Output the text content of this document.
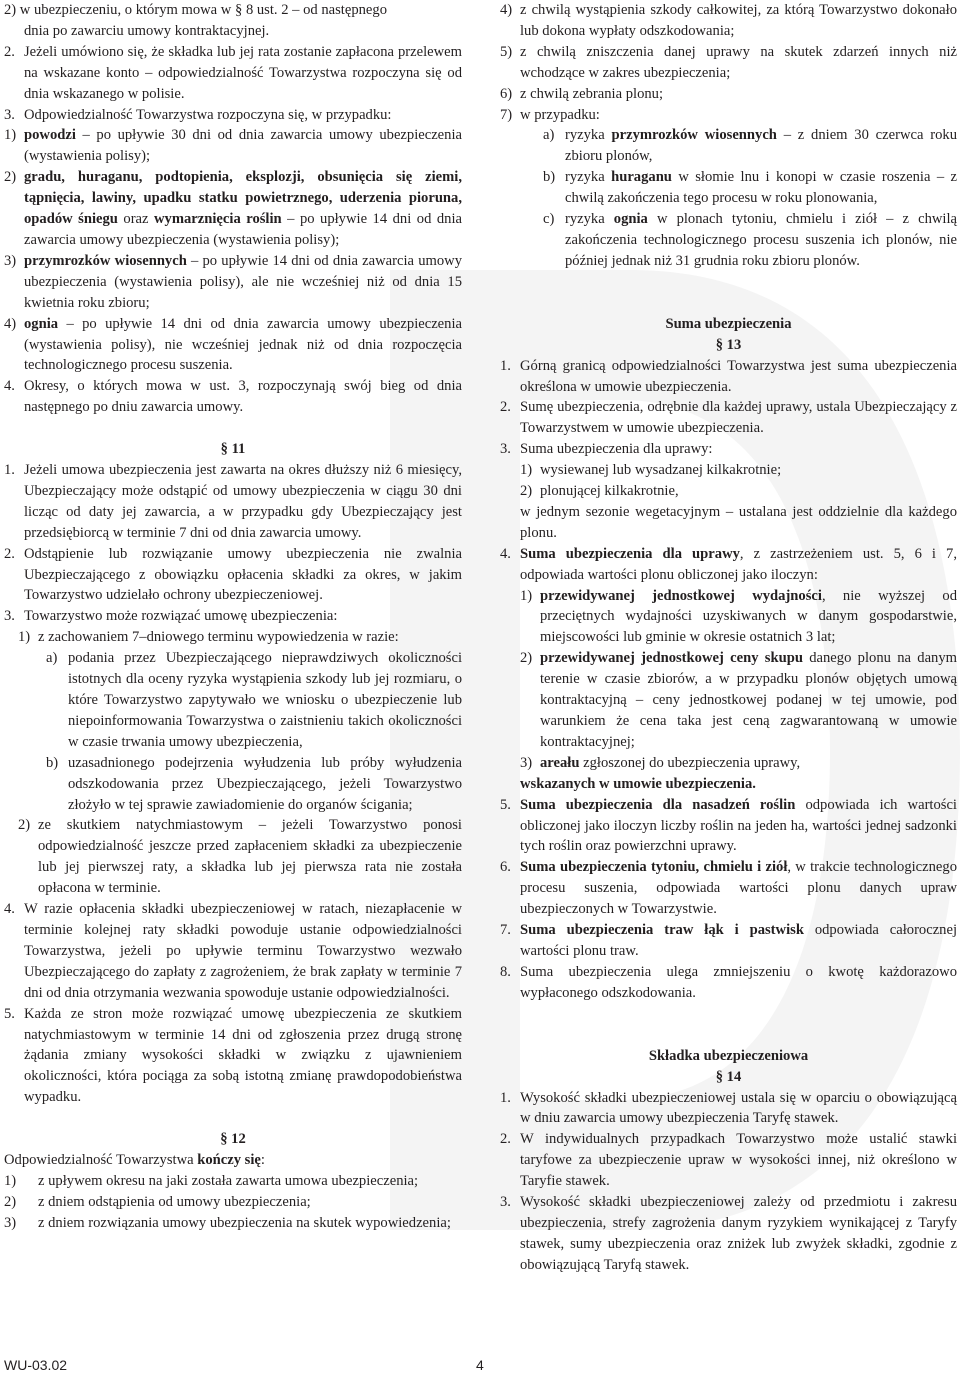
2) w ubezpieczeniu, o którym mowa w § 8 ust. 2 – od następnego

dnia po zawarciu umowy kontraktacyjnej.

2. Jeżeli umówiono się, że składka lub jej rata zostanie zapłacona przelewem na wskazane konto – odpowiedzialność Towarzystwa rozpoczyna się od dnia wskazanego w polisie.

3. Odpowiedzialność Towarzystwa rozpoczyna się, w przypadku:

1) powodzi – po upływie 30 dni od dnia zawarcia umowy ubezpieczenia (wystawienia polisy);

2) gradu, huraganu, podtopienia, eksplozji, obsunięcia się ziemi, tąpnięcia, lawiny, upadku statku powietrznego, uderzenia pioruna, opadów śniegu oraz wymarznięcia roślin – po upływie 14 dni od dnia zawarcia umowy ubezpieczenia (wystawienia polisy);

3) przymrozków wiosennych – po upływie 14 dni od dnia zawarcia umowy ubezpieczenia (wystawienia polisy), ale nie wcześniej niż od dnia 15 kwietnia roku zbioru;

4) ognia – po upływie 14 dni od dnia zawarcia umowy ubezpieczenia (wystawienia polisy), nie wcześniej jednak niż od dnia rozpoczęcia technologicznego procesu suszenia.

4. Okresy, o których mowa w ust. 3, rozpoczynają swój bieg od dnia następnego po dniu zawarcia umowy.

§ 11

1. Jeżeli umowa ubezpieczenia jest zawarta na okres dłuższy niż 6 miesięcy, Ubezpieczający może odstąpić od umowy ubezpieczenia w ciągu 30 dni licząc od daty jej zawarcia, a w przypadku gdy Ubezpieczający jest przedsiębiorcą w terminie 7 dni od dnia zawarcia umowy.

2. Odstąpienie lub rozwiązanie umowy ubezpieczenia nie zwalnia Ubezpieczającego z obowiązku opłacenia składki za okres, w jakim Towarzystwo udzielało ochrony ubezpieczeniowej.

3. Towarzystwo może rozwiązać umowę ubezpieczenia:

1) z zachowaniem 7–dniowego terminu wypowiedzenia w razie:

a) podania przez Ubezpieczającego nieprawdziwych okoliczności istotnych dla oceny ryzyka wystąpienia szkody lub jej rozmiaru, o które Towarzystwo zapytywało we wniosku o ubezpieczenie lub niepoinformowania Towarzystwa o zaistnieniu takich okoliczności w czasie trwania umowy ubezpieczenia,

b) uzasadnionego podejrzenia wyłudzenia lub próby wyłudzenia odszkodowania przez Ubezpieczającego, jeżeli Towarzystwo złożyło w tej sprawie zawiadomienie do organów ścigania;

2) ze skutkiem natychmiastowym – jeżeli Towarzystwo ponosi odpowiedzialność jeszcze przed zapłaceniem składki za ubezpieczenie lub jej pierwszej raty, a składka lub jej pierwsza rata nie została opłacona w terminie.

4. W razie opłacenia składki ubezpieczeniowej w ratach, niezapłacenie w terminie kolejnej raty składki powoduje ustanie odpowiedzialności Towarzystwa, jeżeli po upływie terminu Towarzystwo wezwało Ubezpieczającego do zapłaty z zagrożeniem, że brak zapłaty w terminie 7 dni od dnia otrzymania wezwania spowoduje ustanie odpowiedzialności.

5. Każda ze stron może rozwiązać umowę ubezpieczenia ze skutkiem natychmiastowym w terminie 14 dni od zgłoszenia przez drugą stronę żądania zmiany wysokości składki w związku z ujawnieniem okoliczności, która pociąga za sobą istotną zmianę prawdopodobieństwa wypadku.

§ 12

Odpowiedzialność Towarzystwa kończy się:

1) z upływem okresu na jaki została zawarta umowa ubezpieczenia;

2) z dniem odstąpienia od umowy ubezpieczenia;

3) z dniem rozwiązania umowy ubezpieczenia na skutek wypowiedzenia;

4) z chwilą wystąpienia szkody całkowitej, za którą Towarzystwo dokonało lub dokona wypłaty odszkodowania;

5) z chwilą zniszczenia danej uprawy na skutek zdarzeń innych niż wchodzące w zakres ubezpieczenia;

6) z chwilą zebrania plonu;

7) w przypadku:

a) ryzyka przymrozków wiosennych – z dniem 30 czerwca roku zbioru plonów,

b) ryzyka huraganu w słomie lnu i konopi w czasie roszenia – z chwilą zakończenia tego procesu w roku plonowania,

c) ryzyka ognia w plonach tytoniu, chmielu i ziół – z chwilą zakończenia technologicznego procesu suszenia ich plonów, nie później jednak niż 31 grudnia roku zbioru plonów.

Suma ubezpieczenia

§ 13

1. Górną granicą odpowiedzialności Towarzystwa jest suma ubezpieczenia określona w umowie ubezpieczenia.

2. Sumę ubezpieczenia, odrębnie dla każdej uprawy, ustala Ubezpieczający z Towarzystwem w umowie ubezpieczenia.

3. Suma ubezpieczenia dla uprawy:

1) wysiewanej lub wysadzanej kilkakrotnie;

2) plonującej kilkakrotnie,

w jednym sezonie wegetacyjnym – ustalana jest oddzielnie dla każdego plonu.

4. Suma ubezpieczenia dla uprawy, z zastrzeżeniem ust. 5, 6 i 7, odpowiada wartości plonu obliczonej jako iloczyn:

1) przewidywanej jednostkowej wydajności, nie wyższej od przeciętnych wydajności uzyskiwanych w danym gospodarstwie, miejscowości lub gminie w okresie ostatnich 3 lat;

2) przewidywanej jednostkowej ceny skupu danego plonu na danym terenie w czasie zbiorów, a w przypadku plonów objętych umową kontraktacyjną – ceny jednostkowej podanej w tej umowie, pod warunkiem że cena taka jest ceną zagwarantowaną w umowie kontraktacyjnej;

3) areału zgłoszonej do ubezpieczenia uprawy,

wskazanych w umowie ubezpieczenia.

5. Suma ubezpieczenia dla nasadzeń roślin odpowiada ich wartości obliczonej jako iloczyn liczby roślin na jeden ha, wartości jednej sadzonki tych roślin oraz powierzchni uprawy.

6. Suma ubezpieczenia tytoniu, chmielu i ziół, w trakcie technologicznego procesu suszenia, odpowiada wartości plonu danych upraw ubezpieczonych w Towarzystwie.

7. Suma ubezpieczenia traw łąk i pastwisk odpowiada całorocznej wartości plonu traw.

8. Suma ubezpieczenia ulega zmniejszeniu o kwotę każdorazowo wypłaconego odszkodowania.

Składka ubezpieczeniowa

§ 14

1. Wysokość składki ubezpieczeniowej ustala się w oparciu o obowiązującą w dniu zawarcia umowy ubezpieczenia Taryfę stawek.

2. W indywidualnych przypadkach Towarzystwo może ustalić stawki taryfowe za ubezpieczenie upraw w wysokości innej, niż określono w Taryfie stawek.

3. Wysokość składki ubezpieczeniowej zależy od przedmiotu i zakresu ubezpieczenia, strefy zagrożenia danym ryzykiem wynikającej z Taryfy stawek, sumy ubezpieczenia oraz zniżek lub zwyżek składki, zgodnie z obowiązującą Taryfą stawek.

WU-03.02	4
